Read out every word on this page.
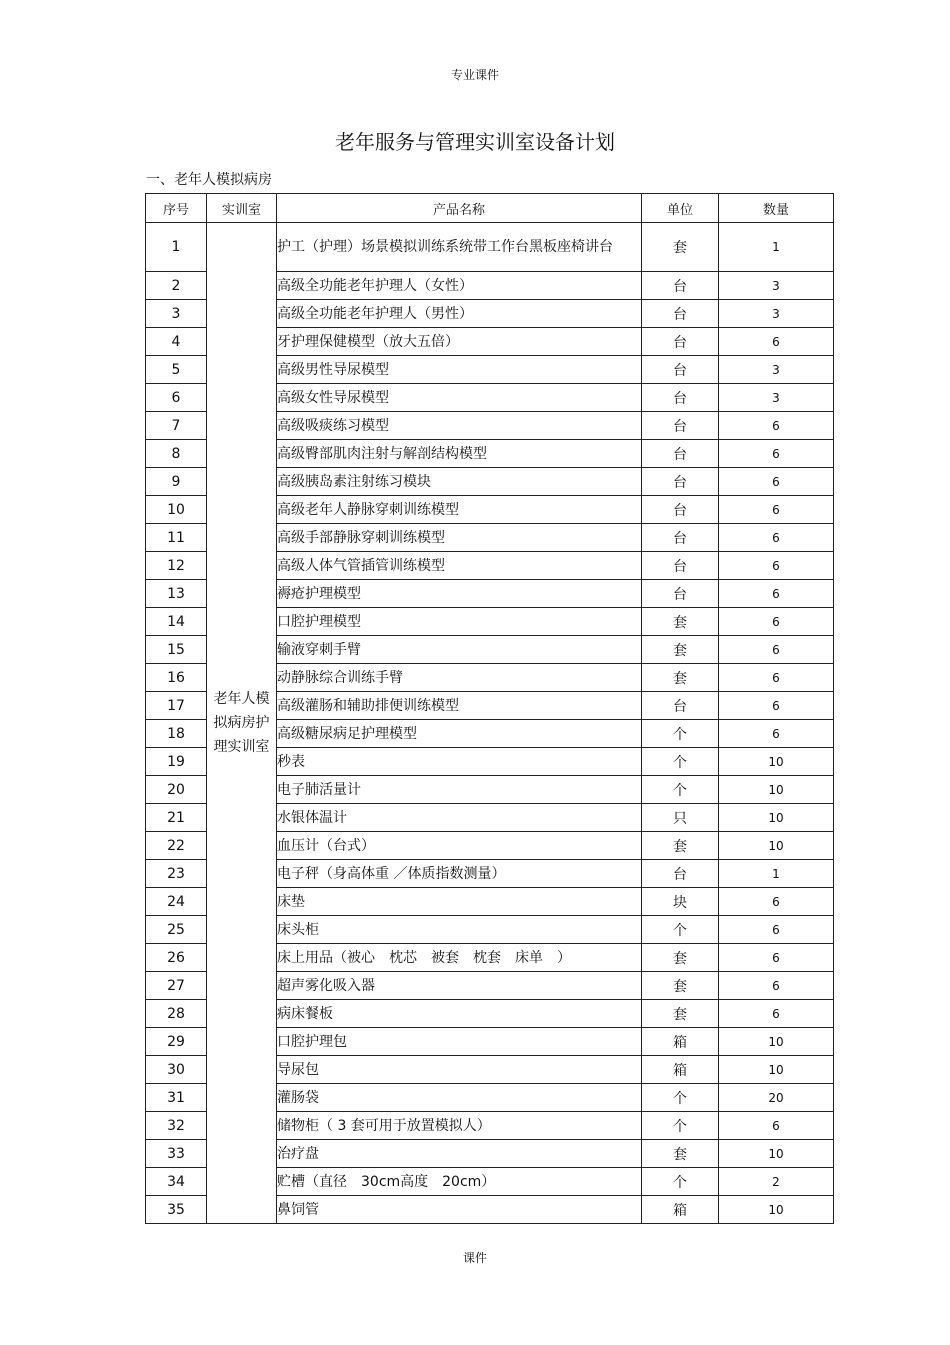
专业课件
老年服务与管理实训室设备计划
一、老年人模拟病房
序号	实训室	产品名称	单位	数量
1	老年人模拟病房护理实训室	护工（护理）场景模拟训练系统带工作台黑板座椅讲台	套	1
2		高级全功能老年护理人（女性）	台	3
3		高级全功能老年护理人（男性）	台	3
4		牙护理保健模型（放大五倍）	台	6
5		高级男性导尿模型	台	3
6		高级女性导尿模型	台	3
7		高级吸痰练习模型	台	6
8		高级臀部肌肉注射与解剖结构模型	台	6
9		高级胰岛素注射练习模块	台	6
10		高级老年人静脉穿刺训练模型	台	6
11		高级手部静脉穿刺训练模型	台	6
12		高级人体气管插管训练模型	台	6
13		褥疮护理模型	台	6
14		口腔护理模型	套	6
15		输液穿刺手臂	套	6
16		动静脉综合训练手臂	套	6
17		高级灌肠和辅助排便训练模型	台	6
18		高级糖尿病足护理模型	个	6
19		秒表	个	10
20		电子肺活量计	个	10
21		水银体温计	只	10
22		血压计（台式）	套	10
23		电子秤（身高体重 ／体质指数测量）	台	1
24		床垫	块	6
25		床头柜	个	6
26		床上用品（被心　枕芯　被套　枕套　床单　）	套	6
27		超声雾化吸入器	套	6
28		病床餐板	套	6
29		口腔护理包	箱	10
30		导尿包	箱	10
31		灌肠袋	个	20
32		储物柜（ 3 套可用于放置模拟人）	个	6
33		治疗盘	套	10
34		贮槽（直径　30cm高度　20cm）	个	2
35		鼻饲管	箱	10
课件
